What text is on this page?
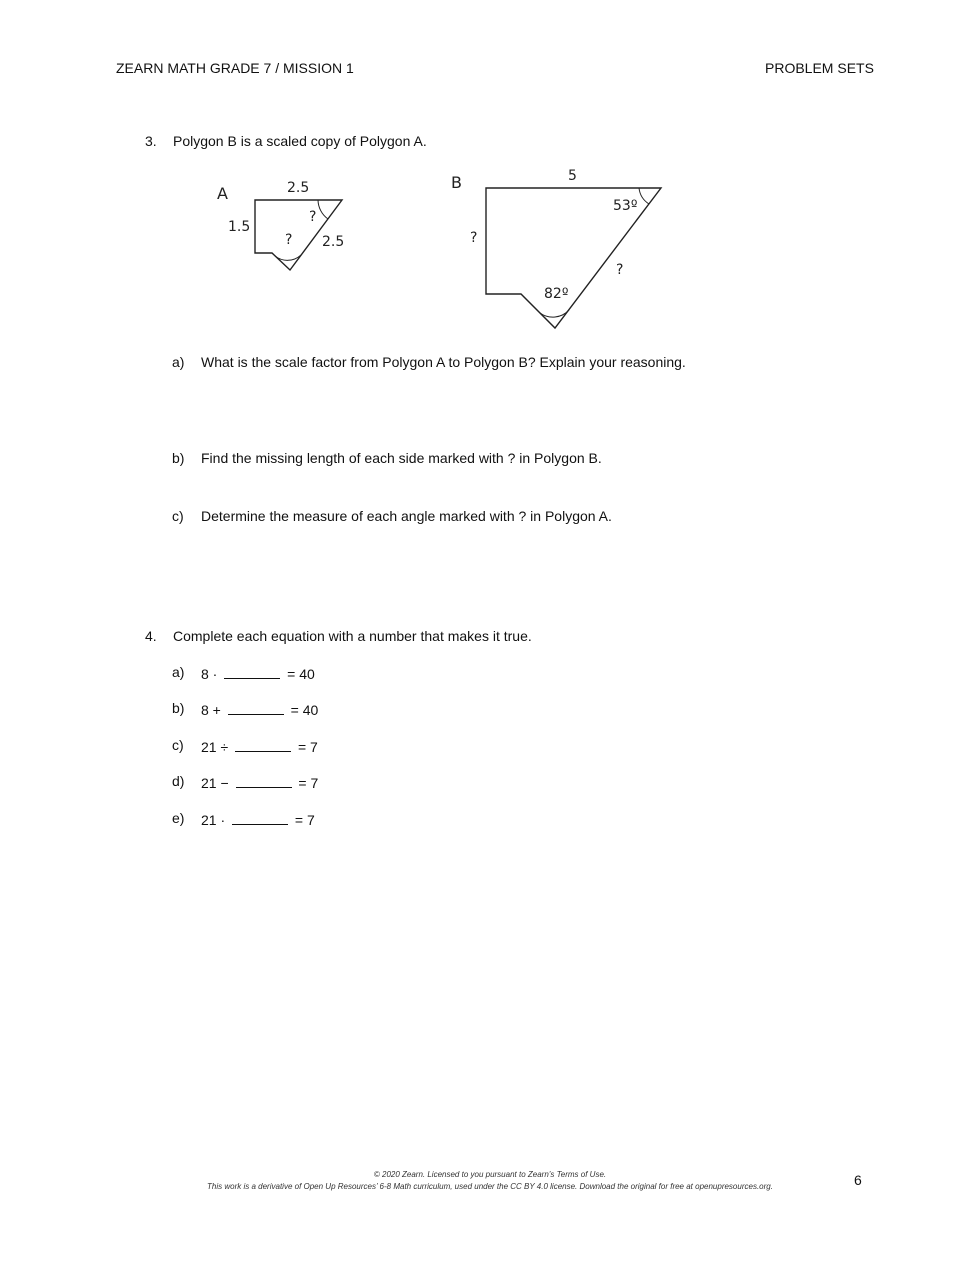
ZEARN MATH GRADE 7 / MISSION 1	PROBLEM SETS
3. Polygon B is a scaled copy of Polygon A.
A	2.5
1.5
2.5
?
?
B	5
?
?
53º
82º
a) What is the scale factor from Polygon A to Polygon B? Explain your reasoning.
b) Find the missing length of each side marked with ? in Polygon B.
c) Determine the measure of each angle marked with ? in Polygon A.
4. Complete each equation with a number that makes it true.
a) 8 ·	= 40
b) 8 +	= 40
c) 21 ÷	= 7
d) 21 −	= 7
e) 21 ·	= 7
© 2020 Zearn. Licensed to you pursuant to Zearn’s Terms of Use.
This work is a derivative of Open Up Resources’ 6-8 Math curriculum, used under the CC BY 4.0 license. Download the original for free at openupresources.org.	6
